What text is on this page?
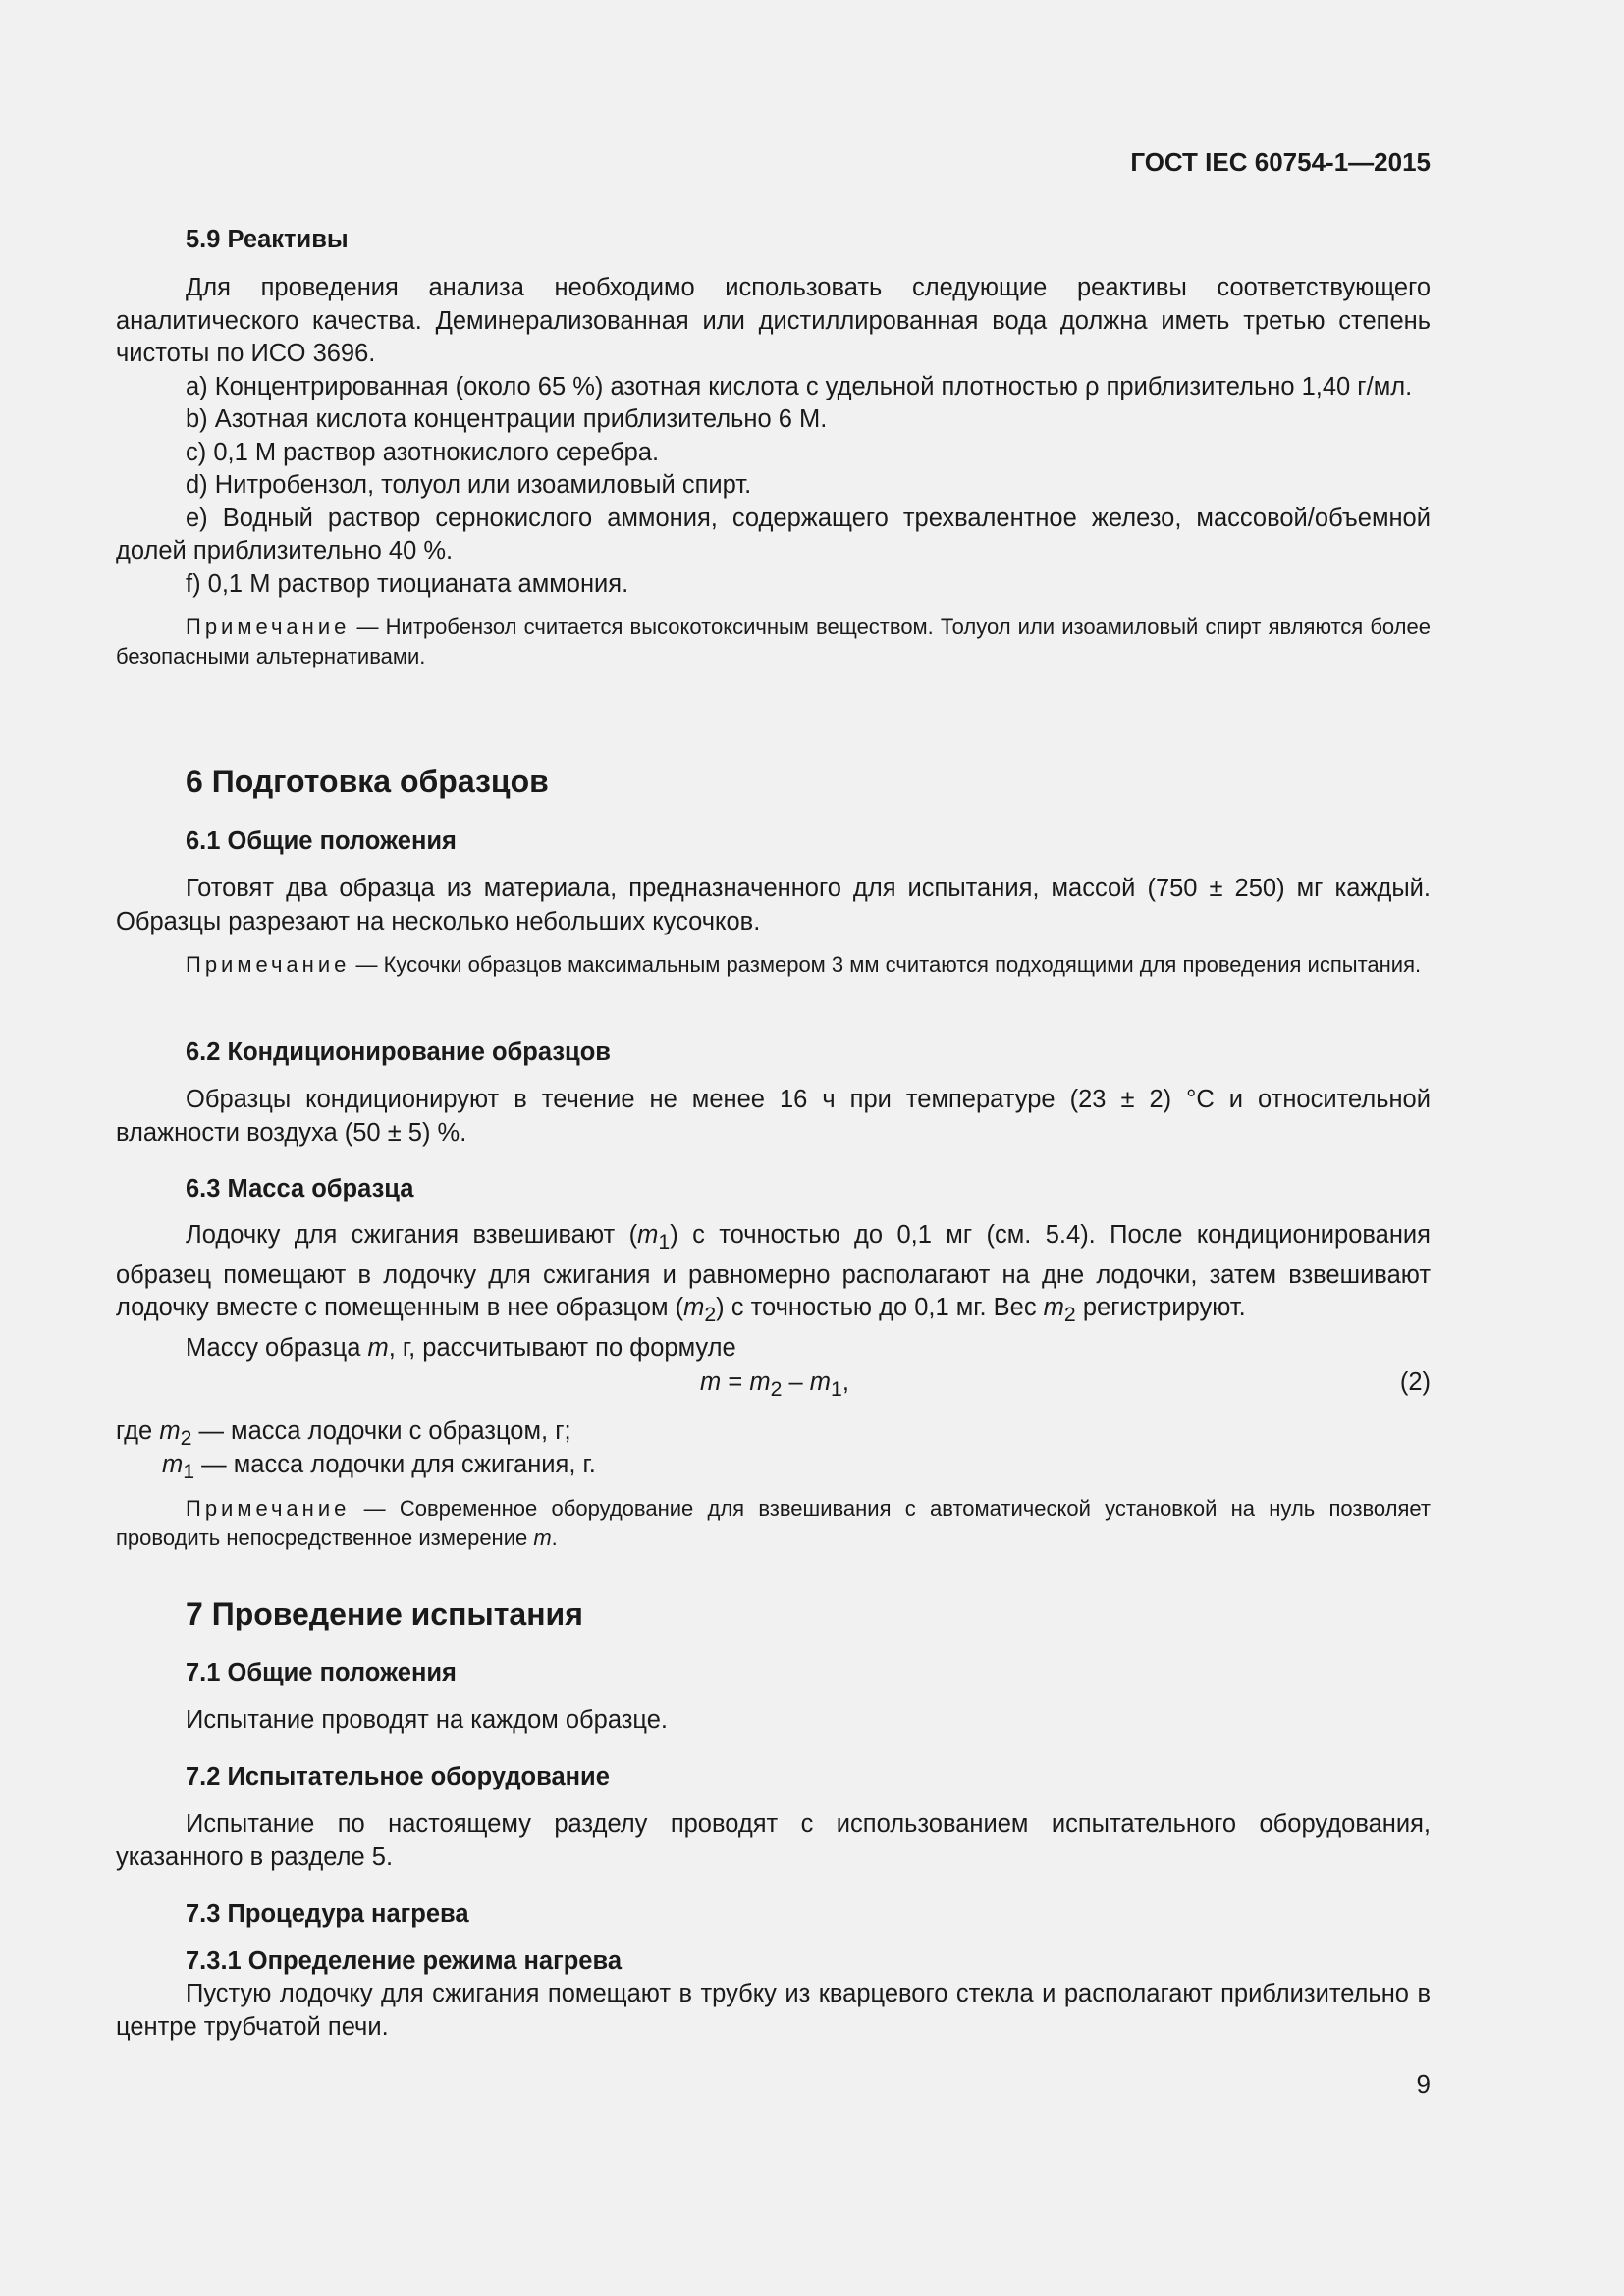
ГОСТ IEC 60754-1—2015
5.9 Реактивы

Для проведения анализа необходимо использовать следующие реактивы соответствующего аналитического качества. Деминерализованная или дистиллированная вода должна иметь третью степень чистоты по ИСО 3696.

a) Концентрированная (около 65 %) азотная кислота с удельной плотностью ρ приблизительно 1,40 г/мл.

b) Азотная кислота концентрации приблизительно 6 М.

c) 0,1 М раствор азотнокислого серебра.

d) Нитробензол, толуол или изоамиловый спирт.

e) Водный раствор сернокислого аммония, содержащего трехвалентное железо, массовой/объемной долей приблизительно 40 %.

f) 0,1 М раствор тиоцианата аммония.

Примечание — Нитробензол считается высокотоксичным веществом. Толуол или изоамиловый спирт являются более безопасными альтернативами.

6 Подготовка образцов
6.1 Общие положения

Готовят два образца из материала, предназначенного для испытания, массой (750 ± 250) мг каждый. Образцы разрезают на несколько небольших кусочков.

Примечание — Кусочки образцов максимальным размером 3 мм считаются подходящими для проведения испытания.

6.2 Кондиционирование образцов

Образцы кондиционируют в течение не менее 16 ч при температуре (23 ± 2) °С и относительной влажности воздуха (50 ± 5) %.

6.3 Масса образца

Лодочку для сжигания взвешивают $(m_1)$ с точностью до 0,1 мг (см. 5.4). После кондиционирования образец помещают в лодочку для сжигания и равномерно располагают на дне лодочки, затем взвешивают лодочку вместе с помещенным в нее образцом $(m_2)$ с точностью до 0,1 мг. Вес $m_2$ регистрируют.

Массу образца m, г, рассчитывают по формуле

$m = m_2 - m_1$,	(2)
где $m_2$ — масса лодочки с образцом, г;
$m_1$ — масса лодочки для сжигания, г.

Примечание — Современное оборудование для взвешивания с автоматической установкой на нуль позволяет проводить непосредственное измерение m.

7 Проведение испытания
7.1 Общие положения

Испытание проводят на каждом образце.

7.2 Испытательное оборудование

Испытание по настоящему разделу проводят с использованием испытательного оборудования, указанного в разделе 5.

7.3 Процедура нагрева
7.3.1 Определение режима нагрева

Пустую лодочку для сжигания помещают в трубку из кварцевого стекла и располагают приблизительно в центре трубчатой печи.

9
